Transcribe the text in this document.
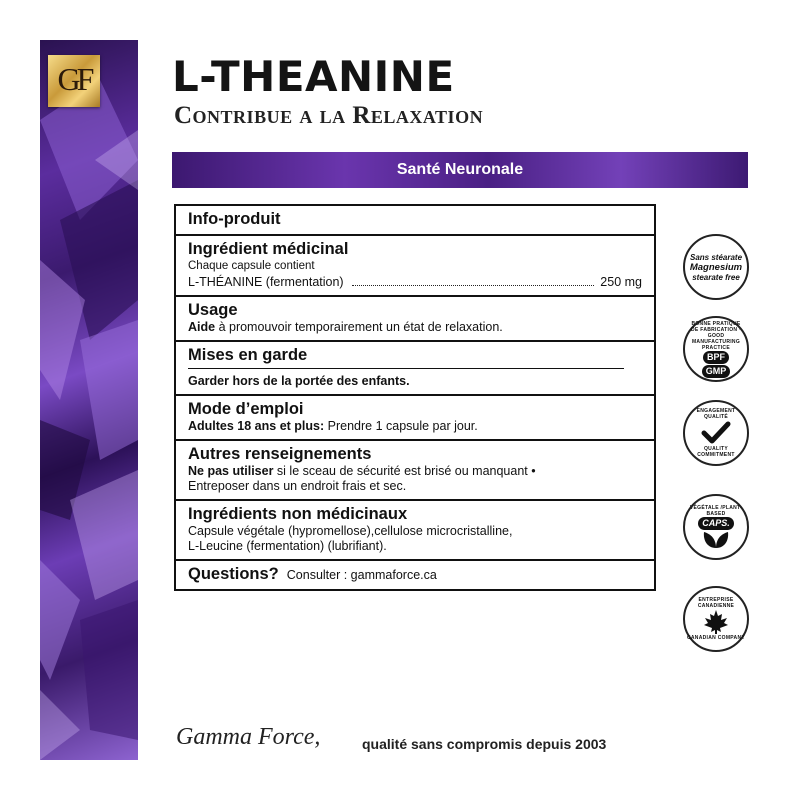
GF L-THEANINE
Contribue a la Relaxation
Santé Neuronale
Info-produit
Ingrédient médicinal
Chaque capsule contient
L-THÉANINE (fermentation)	250 mg
Usage
Aide à promouvoir temporairement un état de relaxation.
Mises en garde
Garder hors de la portée des enfants.
Mode d’emploi
Adultes 18 ans et plus: Prendre 1 capsule par jour.
Autres renseignements
Ne pas utiliser si le sceau de sécurité est brisé ou manquant •
Entreposer dans un endroit frais et sec.
Ingrédients non médicinaux
Capsule végétale (hypromellose),cellulose microcristalline,
L-Leucine (fermentation) (lubrifiant).
Questions? Consulter : gammaforce.ca
Sans stéarate
Magnesium
stearate free
BONNE PRATIQUE DE FABRICATION · GOOD MANUFACTURING PRACTICE
BPF
GMP
ENGAGEMENT QUALITÉ
QUALITY COMMITMENT
VÉGÉTALE /PLANT-BASED
CAPS.
ENTREPRISE CANADIENNE
CANADIAN COMPANY
Gamma Force,	qualité sans compromis depuis 2003
